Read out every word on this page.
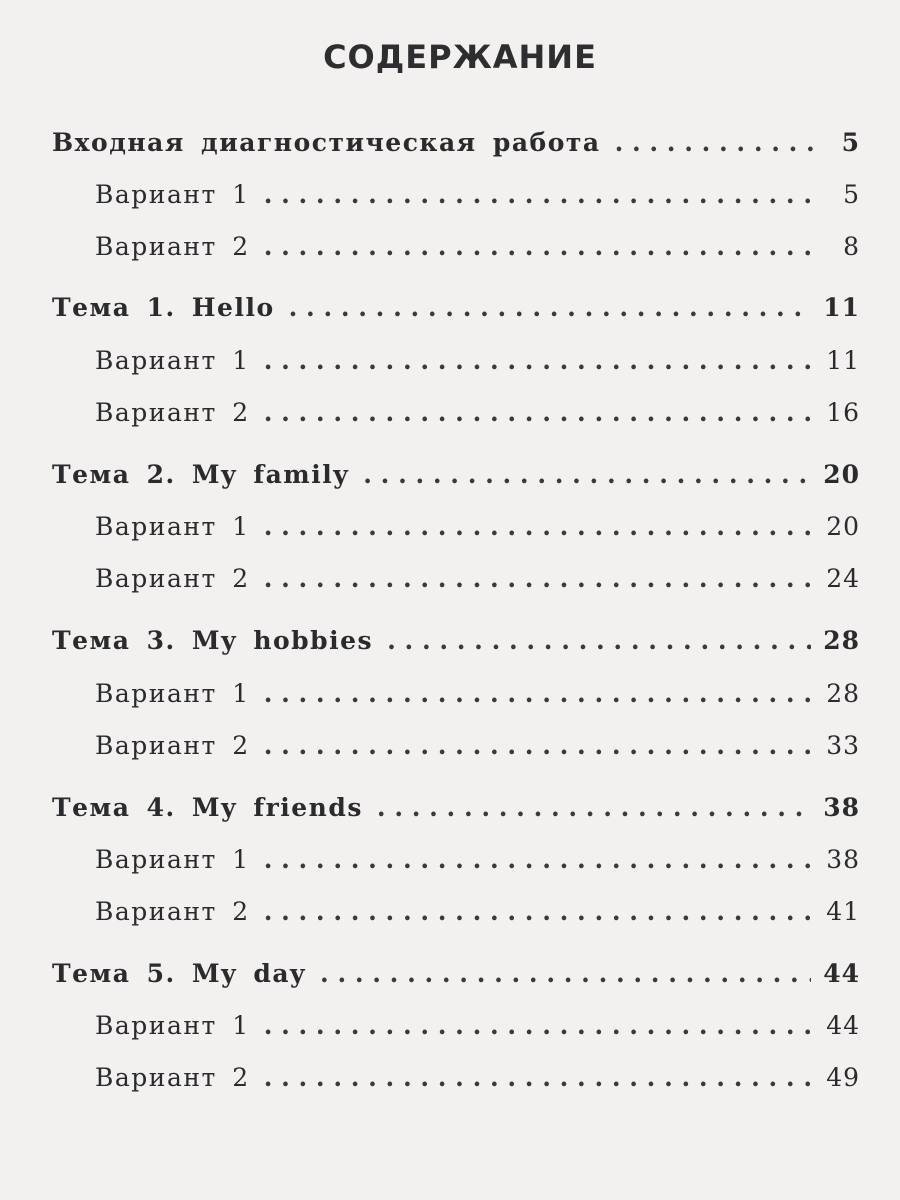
СОДЕРЖАНИЕ
Входная диагностическая работа . . .	5
Вариант 1 . . .	5
Вариант 2 . . .	8
Тема 1. Hello . . .	11
Вариант 1 . . .	11
Вариант 2 . . .	16
Тема 2. My family . . .	20
Вариант 1 . . .	20
Вариант 2 . . .	24
Тема 3. My hobbies . . .	28
Вариант 1 . . .	28
Вариант 2 . . .	33
Тема 4. My friends . . .	38
Вариант 1 . . .	38
Вариант 2 . . .	41
Тема 5. My day . . .	44
Вариант 1 . . .	44
Вариант 2 . . .	49
